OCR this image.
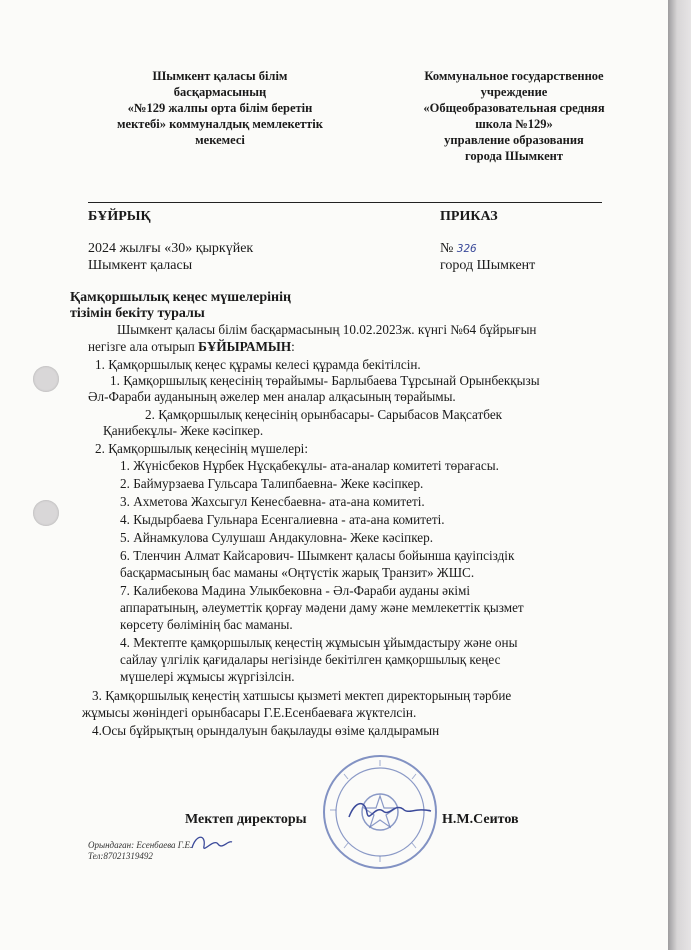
Шымкент қаласы білім
басқармасының
«№129 жалпы орта білім беретін
мектебі» коммуналдық мемлекеттік
мекемесі
Коммунальное государственное
учреждение
«Общеобразовательная средняя
школа №129»
управление образования
города Шымкент
БҰЙРЫҚ	ПРИКАЗ
2024 жылғы «30» қыркүйек	№ 326
Шымкент қаласы	город Шымкент
Қамқоршылық кеңес мүшелерінің
тізімін бекіту туралы
Шымкент қаласы білім басқармасының 10.02.2023ж. күнгі №64 бұйрығын
негізге ала отырып БҰЙЫРАМЫН:
1. Қамқоршылық кеңес құрамы келесі құрамда бекітілсін.
1. Қамқоршылық кеңесінің төрайымы- Барлыбаева Тұрсынай Орынбекқызы
Әл-Фараби ауданының әжелер мен аналар алқасының төрайымы.
2. Қамқоршылық кеңесінің орынбасары- Сарыбасов Мақсатбек
Қанибекұлы- Жеке кәсіпкер.
2. Қамқоршылық кеңесінің мүшелері:
1. Жүнісбеков Нұрбек Нұсқабекұлы- ата-аналар комитеті төрағасы.
2. Баймурзаева Гульсара Талипбаевна- Жеке кәсіпкер.
3. Ахметова Жахсыгул Кенесбаевна- ата-ана комитеті.
4. Кыдырбаева Гульнара Есенгалиевна - ата-ана комитеті.
5. Айнамкулова Сулушаш Андакуловна- Жеке кәсіпкер.
6. Тленчин Алмат Кайсарович- Шымкент қаласы бойынша қауіпсіздік
басқармасының бас маманы «Оңтүстік жарық Транзит» ЖШС.
7. Калибекова Мадина Улыкбековна - Әл-Фараби ауданы әкімі
аппаратының, әлеуметтік қорғау мәдени даму және мемлекеттік қызмет
көрсету бөлімінің бас маманы.
4. Мектепте қамқоршылық кеңестің жұмысын ұйымдастыру және оны
сайлау үлгілік қағидалары негізінде бекітілген қамқоршылық кеңес
мүшелері жұмысы жүргізілсін.
3. Қамқоршылық кеңестің хатшысы қызметі мектеп директорының тәрбие
жұмысы жөніндегі орынбасары Г.Е.Есенбаеваға жүктелсін.
4.Осы бұйрықтың орындалуын бақылауды өзіме қалдырамын
Мектеп директоры	Н.М.Сеитов
Орындаған: Есенбаева Г.Е.
Тел:87021319492
